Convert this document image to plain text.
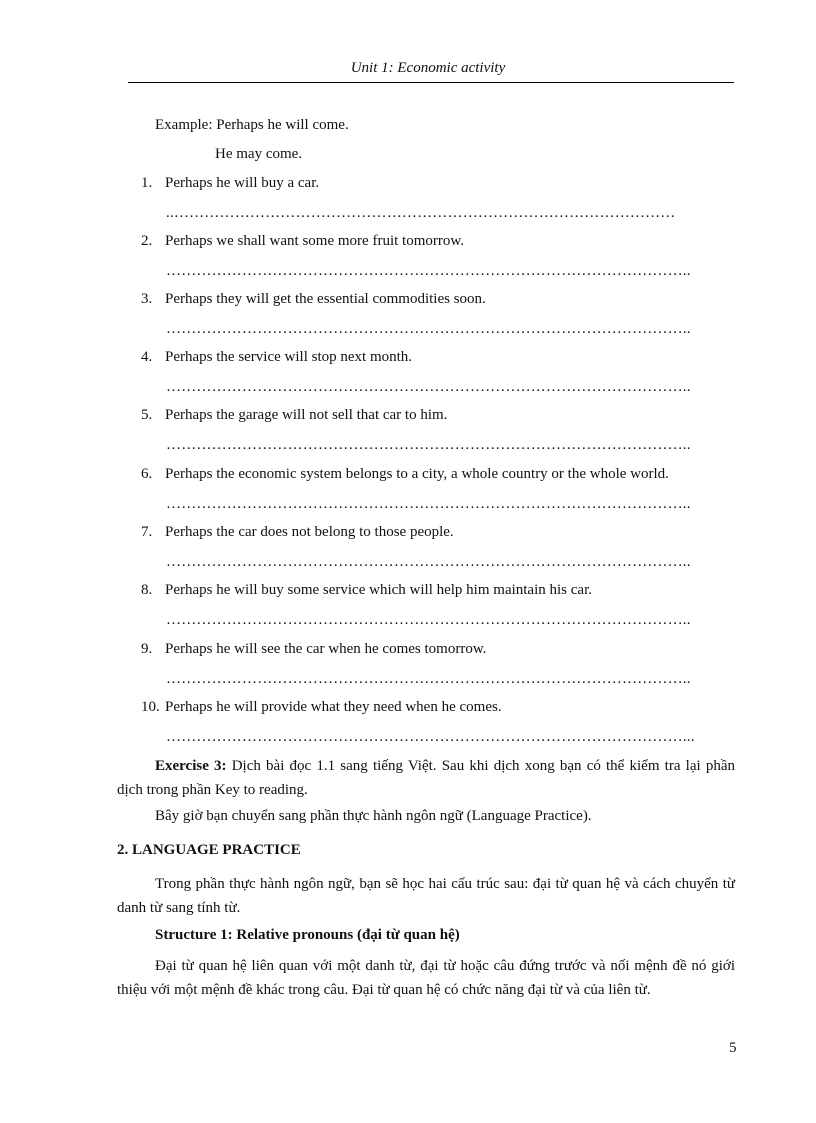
Unit 1: Economic activity
Example: Perhaps he will come.
He may come.
1. Perhaps he will buy a car.
..………………………………………………………………………………………
2. Perhaps we shall want some more fruit tomorrow.
…………………………………………………………………………………………..
3. Perhaps they will get the essential commodities soon.
…………………………………………………………………………………………..
4. Perhaps the service will stop next month.
…………………………………………………………………………………………..
5. Perhaps the garage will not sell that car to him.
…………………………………………………………………………………………..
6. Perhaps the economic system belongs to a city, a whole country or the whole world.
…………………………………………………………………………………………..
7. Perhaps the car does not belong to those people.
…………………………………………………………………………………………..
8. Perhaps he will buy some service which will help him maintain his car.
…………………………………………………………………………………………..
9. Perhaps he will see the car when he comes tomorrow.
…………………………………………………………………………………………..
10. Perhaps he will provide what they need when he comes.
…………………………………………………………………………………………...
Exercise 3: Dịch bài đọc 1.1 sang tiếng Việt. Sau khi dịch xong bạn có thể kiểm tra lại phần dịch trong phần Key to reading.
Bây giờ bạn chuyển sang phần thực hành ngôn ngữ (Language Practice).
2. LANGUAGE PRACTICE
Trong phần thực hành ngôn ngữ, bạn sẽ học hai cấu trúc sau: đại từ quan hệ và cách chuyển từ danh từ sang tính từ.
Structure 1: Relative pronouns (đại từ quan hệ)
Đại từ quan hệ liên quan với một danh từ, đại từ hoặc câu đứng trước và nối mệnh đề nó giới thiệu với một mệnh đề khác trong câu. Đại từ quan hệ có chức năng đại từ và của liên từ.
5
